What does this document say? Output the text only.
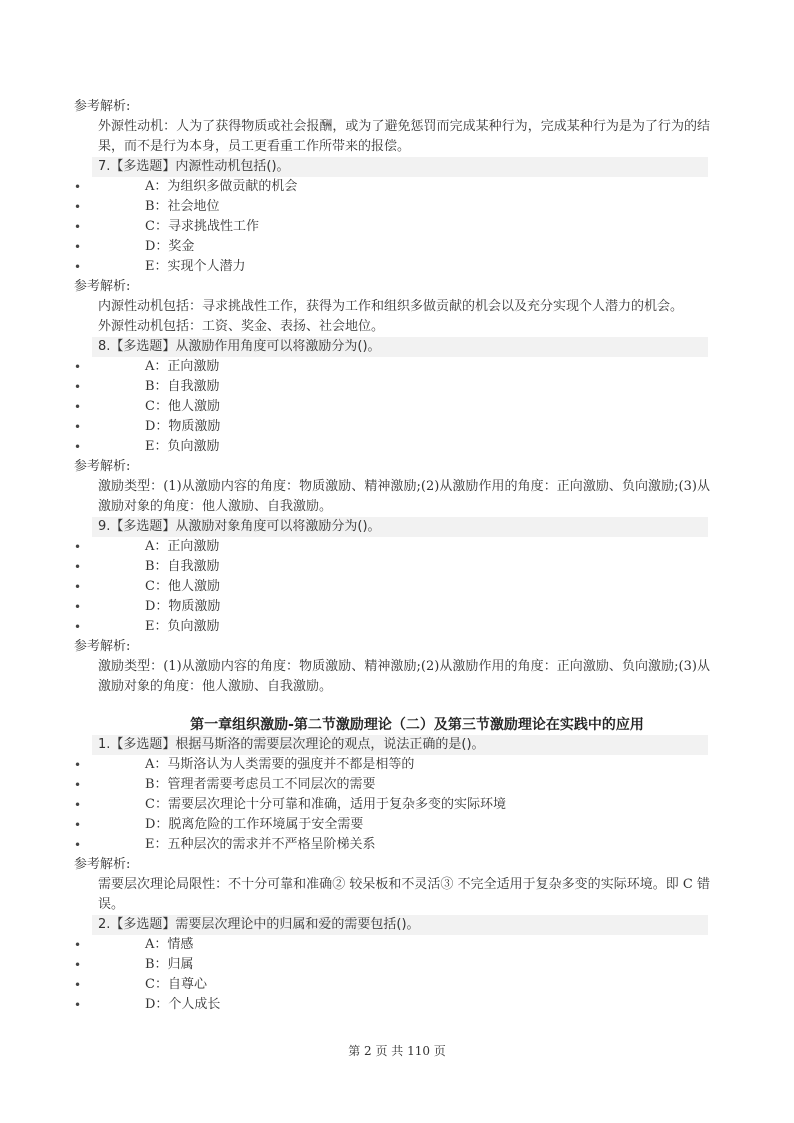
参考解析:
外源性动机：人为了获得物质或社会报酬，或为了避免惩罚而完成某种行为，完成某种行为是为了行为的结果，而不是行为本身，员工更看重工作所带来的报偿。
7.【多选题】内源性动机包括()。
•	A：为组织多做贡献的机会
•	B：社会地位
•	C：寻求挑战性工作
•	D：奖金
•	E：实现个人潜力
参考解析:
内源性动机包括：寻求挑战性工作，获得为工作和组织多做贡献的机会以及充分实现个人潜力的机会。
外源性动机包括：工资、奖金、表扬、社会地位。
8.【多选题】从激励作用角度可以将激励分为()。
•	A：正向激励
•	B：自我激励
•	C：他人激励
•	D：物质激励
•	E：负向激励
参考解析:
激励类型：(1)从激励内容的角度：物质激励、精神激励;(2)从激励作用的角度：正向激励、负向激励;(3)从激励对象的角度：他人激励、自我激励。
9.【多选题】从激励对象角度可以将激励分为()。
•	A：正向激励
•	B：自我激励
•	C：他人激励
•	D：物质激励
•	E：负向激励
参考解析:
激励类型：(1)从激励内容的角度：物质激励、精神激励;(2)从激励作用的角度：正向激励、负向激励;(3)从激励对象的角度：他人激励、自我激励。
第一章组织激励-第二节激励理论（二）及第三节激励理论在实践中的应用
1.【多选题】根据马斯洛的需要层次理论的观点，说法正确的是()。
•	A：马斯洛认为人类需要的强度并不都是相等的
•	B：管理者需要考虑员工不同层次的需要
•	C：需要层次理论十分可靠和准确，适用于复杂多变的实际环境
•	D：脱离危险的工作环境属于安全需要
•	E：五种层次的需求并不严格呈阶梯关系
参考解析:
需要层次理论局限性：不十分可靠和准确② 较呆板和不灵活③ 不完全适用于复杂多变的实际环境。即 C 错误。
2.【多选题】需要层次理论中的归属和爱的需要包括()。
•	A：情感
•	B：归属
•	C：自尊心
•	D：个人成长
第 2 页 共 110 页
